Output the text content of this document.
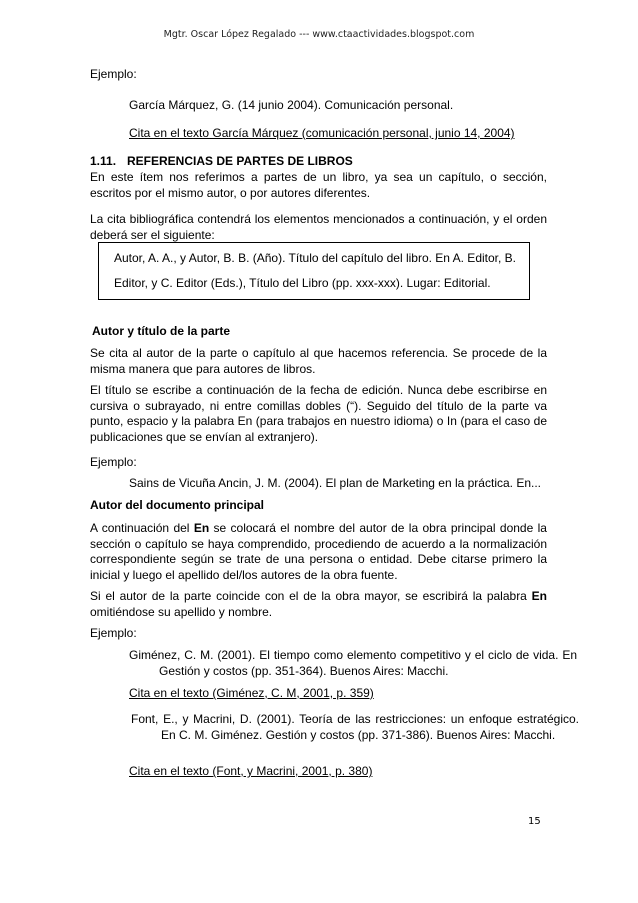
Mgtr. Oscar López Regalado --- www.ctaactividades.blogspot.com
Ejemplo:
García Márquez, G. (14 junio 2004). Comunicación personal.
Cita en el texto García Márquez (comunicación personal, junio 14, 2004)
1.11. REFERENCIAS DE PARTES DE LIBROS
En este ítem nos referimos a partes de un libro, ya sea un capítulo, o sección, escritos por el mismo autor, o por autores diferentes.
La cita bibliográfica contendrá los elementos mencionados a continuación, y el orden deberá ser el siguiente:
Autor, A. A., y Autor, B. B. (Año). Título del capítulo del libro. En A. Editor, B.
Editor, y C. Editor (Eds.), Título del Libro (pp. xxx-xxx). Lugar: Editorial.
Autor y título de la parte
Se cita al autor de la parte o capítulo al que hacemos referencia. Se procede de la misma manera que para autores de libros.
El título se escribe a continuación de la fecha de edición. Nunca debe escribirse en cursiva o subrayado, ni entre comillas dobles (“). Seguido del título de la parte va punto, espacio y la palabra En (para trabajos en nuestro idioma) o In (para el caso de publicaciones que se envían al extranjero).
Ejemplo:
Sains de Vicuña Ancin, J. M. (2004). El plan de Marketing en la práctica. En...
Autor del documento principal
A continuación del En se colocará el nombre del autor de la obra principal donde la sección o capítulo se haya comprendido, procediendo de acuerdo a la normalización correspondiente según se trate de una persona o entidad. Debe citarse primero la inicial y luego el apellido del/los autores de la obra fuente.
Si el autor de la parte coincide con el de la obra mayor, se escribirá la palabra En omitiéndose su apellido y nombre.
Ejemplo:
Giménez, C. M. (2001). El tiempo como elemento competitivo y el ciclo de vida. En Gestión y costos (pp. 351-364). Buenos Aires: Macchi.
Cita en el texto (Giménez, C. M, 2001, p. 359)
Font, E., y Macrini, D. (2001). Teoría de las restricciones: un enfoque estratégico. En C. M. Giménez. Gestión y costos (pp. 371-386). Buenos Aires: Macchi.
Cita en el texto (Font, y Macrini, 2001, p. 380)
15
